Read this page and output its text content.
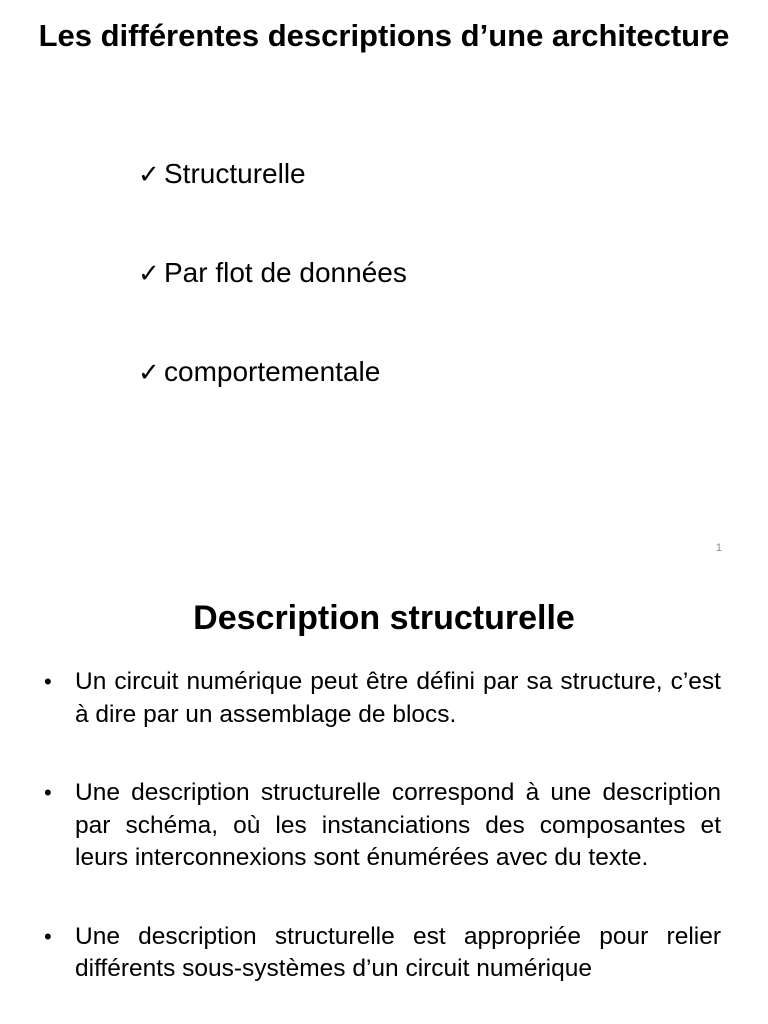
Les différentes descriptions d’une architecture
✓ Structurelle
✓ Par flot de données
✓ comportementale
1
Description structurelle
• Un circuit numérique peut être défini par sa structure, c’est à dire par un assemblage de blocs.
• Une description structurelle correspond à une description par schéma, où les instanciations des composantes et leurs interconnexions sont énumérées avec du texte.
• Une description structurelle est appropriée pour relier différents sous-systèmes d’un circuit numérique
